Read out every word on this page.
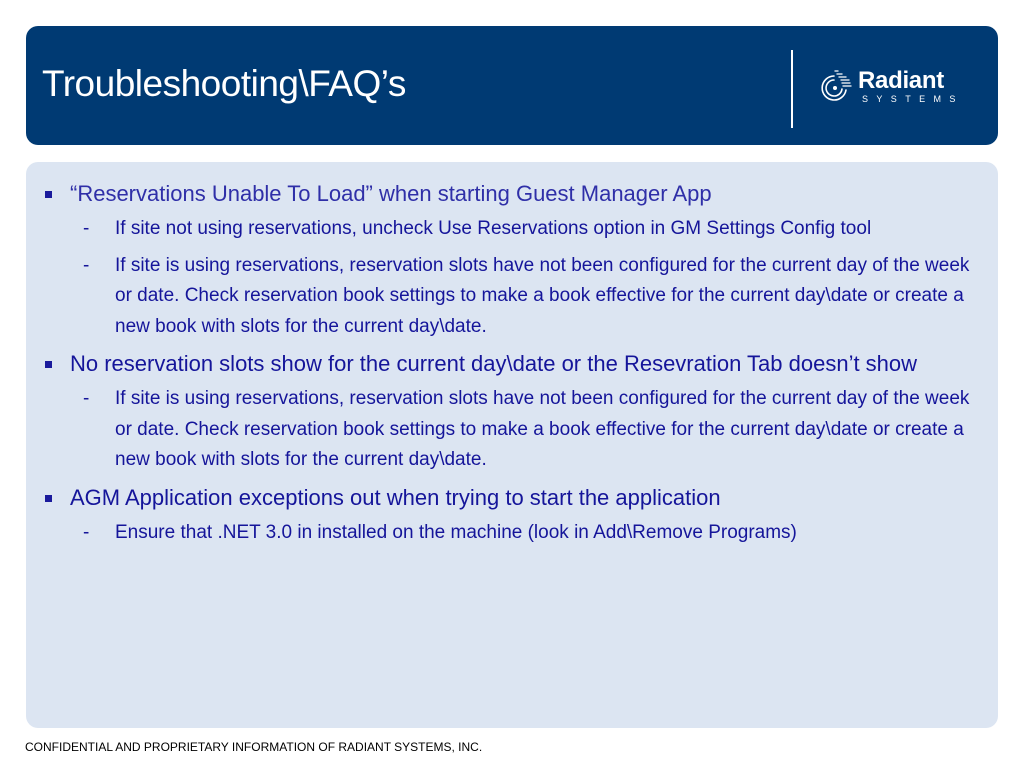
Troubleshooting\FAQ’s	Radiant
SYSTEMS
“Reservations Unable To Load” when starting Guest Manager App
- If site not using reservations, uncheck Use Reservations option in GM Settings Config tool
- If site is using reservations, reservation slots have not been configured for the current day of the week or date. Check reservation book settings to make a book effective for the current day\date or create a new book with slots for the current day\date.
No reservation slots show for the current day\date or the Resevration Tab doesn’t show
- If site is using reservations, reservation slots have not been configured for the current day of the week or date. Check reservation book settings to make a book effective for the current day\date or create a new book with slots for the current day\date.
AGM Application exceptions out when trying to start the application
- Ensure that .NET 3.0 in installed on the machine (look in Add\Remove Programs)
CONFIDENTIAL AND PROPRIETARY INFORMATION OF RADIANT SYSTEMS, INC.
